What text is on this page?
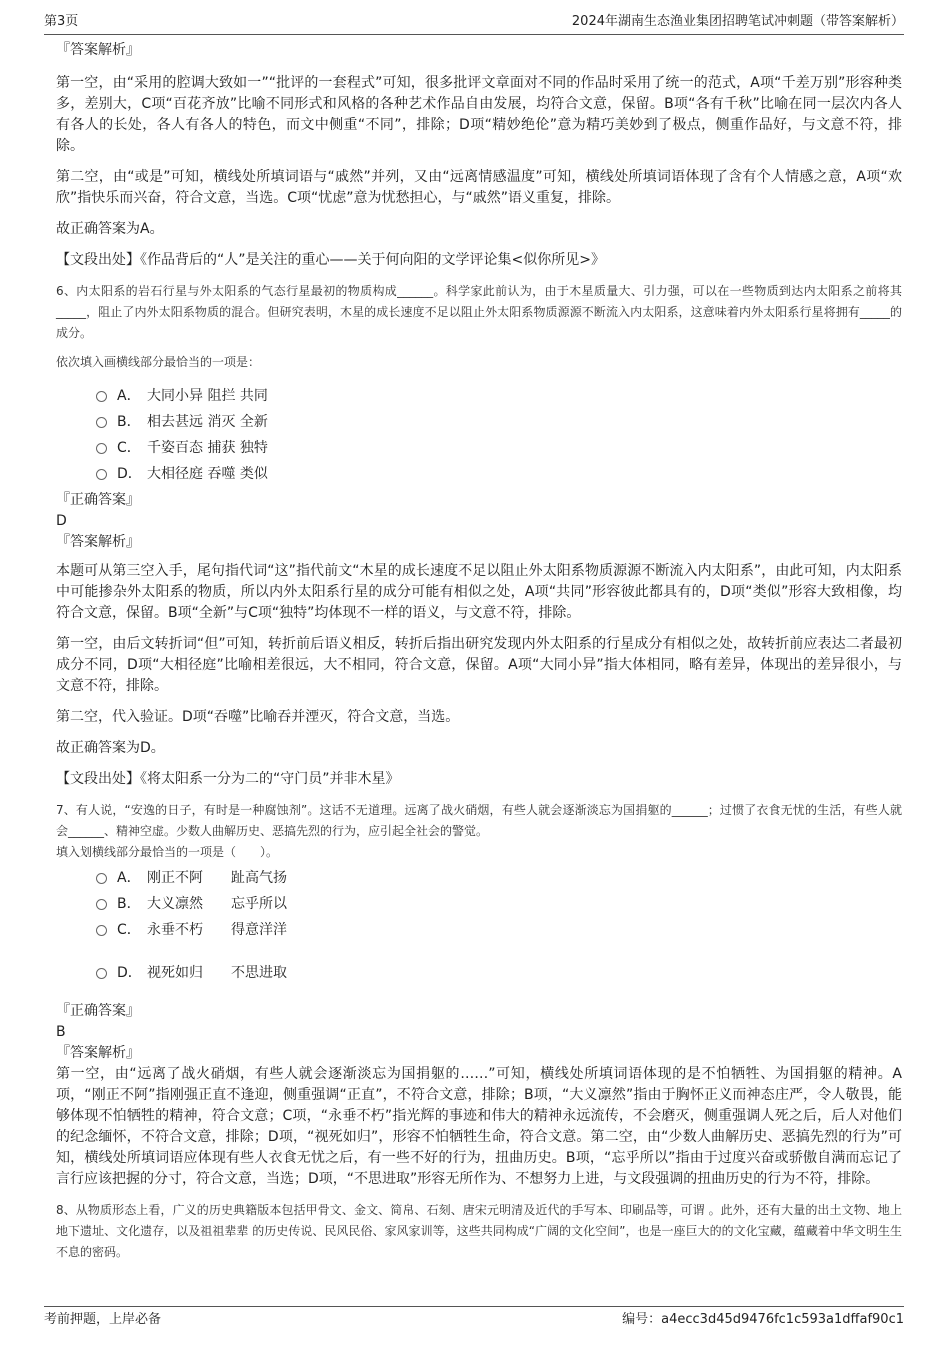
第3页	2024年湖南生态渔业集团招聘笔试冲刺题（带答案解析）

『答案解析』

第一空，由“采用的腔调大致如一”“批评的一套程式”可知，很多批评文章面对不同的作品时采用了统一的范式，A项“千差万别”形容种类多，差别大，C项“百花齐放”比喻不同形式和风格的各种艺术作品自由发展，均符合文意，保留。B项“各有千秋”比喻在同一层次内各人有各人的长处，各人有各人的特色，而文中侧重“不同”，排除；D项“精妙绝伦”意为精巧美妙到了极点，侧重作品好，与文意不符，排除。

第二空，由“或是”可知，横线处所填词语与“戚然”并列，又由“远离情感温度”可知，横线处所填词语体现了含有个人情感之意，A项“欢欣”指快乐而兴奋，符合文意，当选。C项“忧虑”意为忧愁担心，与“戚然”语义重复，排除。

故正确答案为A。

【文段出处】《作品背后的“人”是关注的重心——关于何向阳的文学评论集<似你所见>》

6、内太阳系的岩石行星与外太阳系的气态行星最初的物质构成______。科学家此前认为，由于木星质量大、引力强，可以在一些物质到达内太阳系之前将其_____，阻止了内外太阳系物质的混合。但研究表明，木星的成长速度不足以阻止外太阳系物质源源不断流入内太阳系，这意味着内外太阳系行星将拥有_____的成分。

依次填入画横线部分最恰当的一项是：

A． 大同小异 阻拦 共同
B． 相去甚远 消灭 全新
C． 千姿百态 捕获 独特
D． 大相径庭 吞噬 类似

『正确答案』

D

『答案解析』

本题可从第三空入手，尾句指代词“这”指代前文“木星的成长速度不足以阻止外太阳系物质源源不断流入内太阳系”，由此可知，内太阳系中可能掺杂外太阳系的物质，所以内外太阳系行星的成分可能有相似之处，A项“共同”形容彼此都具有的，D项“类似”形容大致相像，均符合文意，保留。B项“全新”与C项“独特”均体现不一样的语义，与文意不符，排除。

第一空，由后文转折词“但”可知，转折前后语义相反，转折后指出研究发现内外太阳系的行星成分有相似之处，故转折前应表达二者最初成分不同，D项“大相径庭”比喻相差很远，大不相同，符合文意，保留。A项“大同小异”指大体相同，略有差异，体现出的差异很小，与文意不符，排除。

第二空，代入验证。D项“吞噬”比喻吞并湮灭，符合文意，当选。

故正确答案为D。

【文段出处】《将太阳系一分为二的“守门员”并非木星》

7、有人说，“安逸的日子，有时是一种腐蚀剂”。这话不无道理。远离了战火硝烟，有些人就会逐渐淡忘为国捐躯的______；过惯了衣食无忧的生活，有些人就会______、精神空虚。少数人曲解历史、恶搞先烈的行为，应引起全社会的警觉。

填入划横线部分最恰当的一项是（　　）。

A． 刚正不阿 趾高气扬
B． 大义凛然 忘乎所以
C． 永垂不朽 得意洋洋
D． 视死如归 不思进取

『正确答案』

B

『答案解析』

第一空，由“远离了战火硝烟，有些人就会逐渐淡忘为国捐躯的……”可知，横线处所填词语体现的是不怕牺牲、为国捐躯的精神。A项，“刚正不阿”指刚强正直不逢迎，侧重强调“正直”，不符合文意，排除；B项，“大义凛然”指由于胸怀正义而神态庄严，令人敬畏，能够体现不怕牺牲的精神，符合文意；C项，“永垂不朽”指光辉的事迹和伟大的精神永远流传，不会磨灭，侧重强调人死之后，后人对他们的纪念缅怀，不符合文意，排除；D项，“视死如归”，形容不怕牺牲生命，符合文意。第二空，由“少数人曲解历史、恶搞先烈的行为”可知，横线处所填词语应体现有些人衣食无忧之后，有一些不好的行为，扭曲历史。B项，“忘乎所以”指由于过度兴奋或骄傲自满而忘记了言行应该把握的分寸，符合文意，当选；D项，“不思进取”形容无所作为、不想努力上进，与文段强调的扭曲历史的行为不符，排除。

8、从物质形态上看，广义的历史典籍版本包括甲骨文、金文、简帛、石刻、唐宋元明清及近代的手写本、印刷品等，可谓 。此外，还有大量的出土文物、地上地下遗址、文化遗存，以及祖祖辈辈 的历史传说、民风民俗、家风家训等，这些共同构成“广阔的文化空间”，也是一座巨大的的文化宝藏，蕴藏着中华文明生生不息的密码。

考前押题，上岸必备	编号：a4ecc3d45d9476fc1c593a1dffaf90c1
